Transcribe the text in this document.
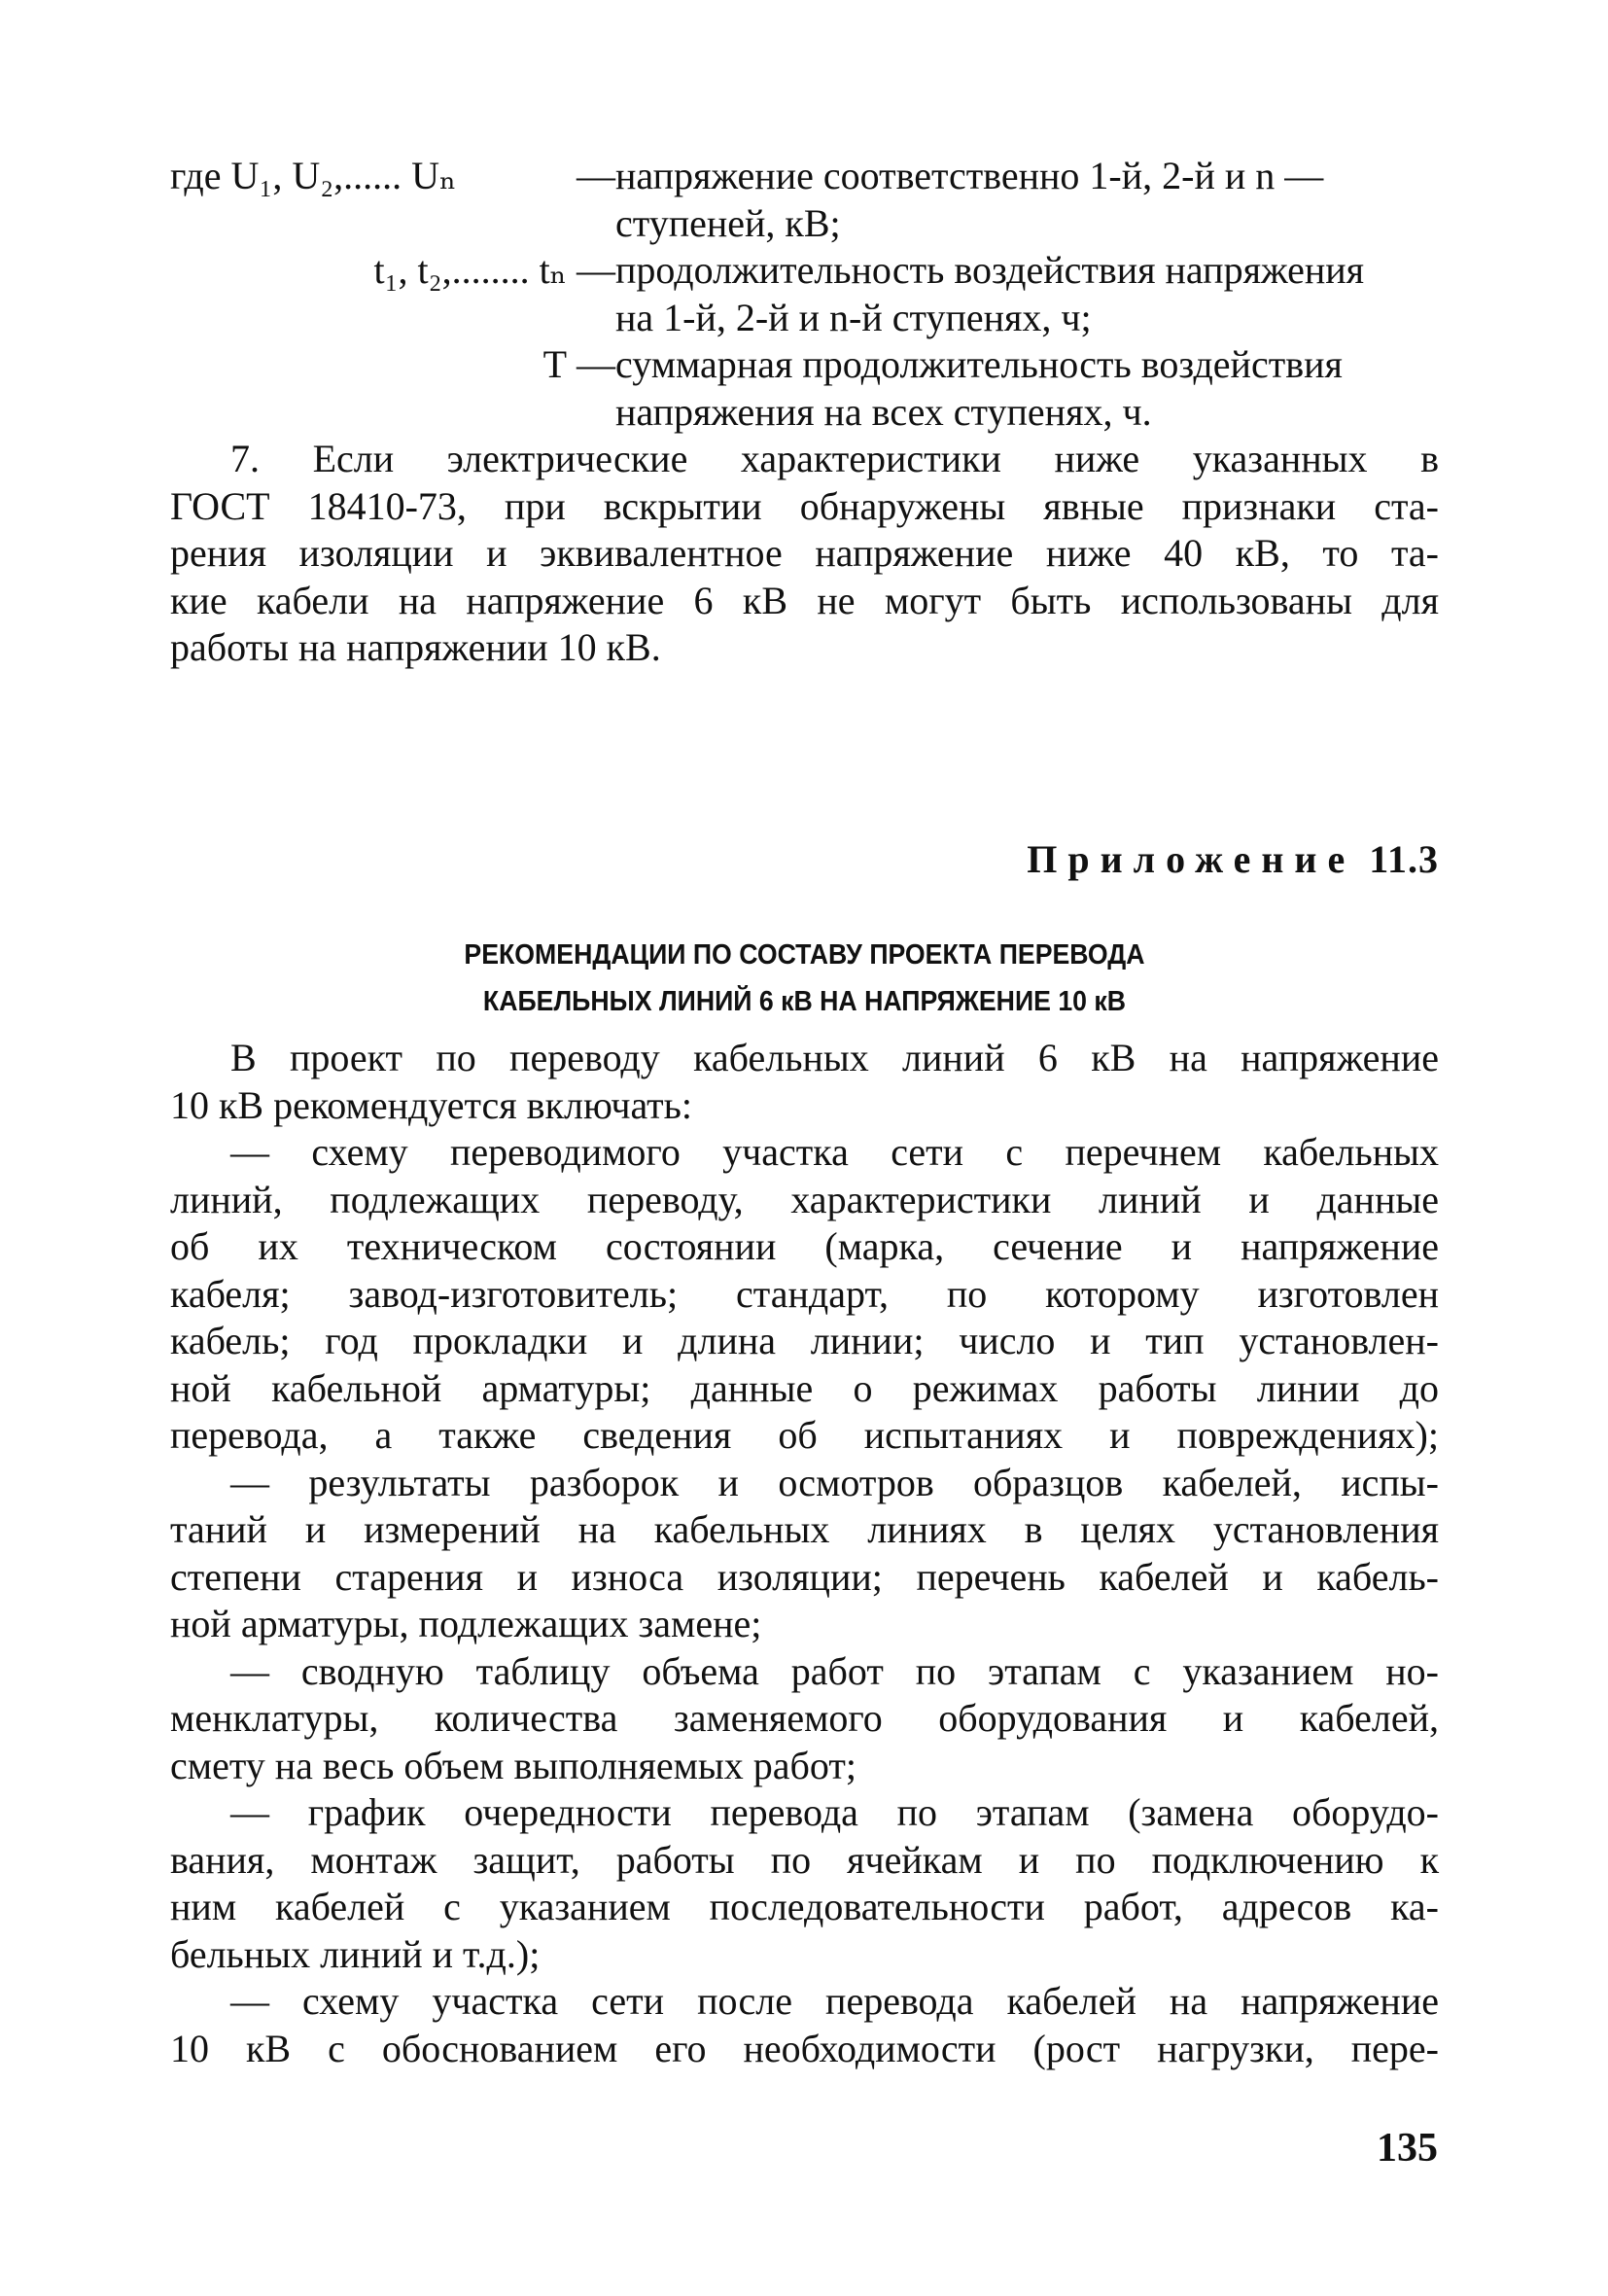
где U₁, U₂,...... Uₙ	— напряжение соответственно 1-й, 2-й и n —
ступеней, кВ;
t₁, t₂,........ tₙ — продолжительность воздействия напряжения
на 1-й, 2-й и n-й ступенях, ч;
Т — суммарная продолжительность воздействия
напряжения на всех ступенях, ч.
7. Если электрические характеристики ниже указанных в
ГОСТ 18410-73, при вскрытии обнаружены явные признаки ста-
рения изоляции и эквивалентное напряжение ниже 40 кВ, то та-
кие кабели на напряжение 6 кВ не могут быть использованы для
работы на напряжении 10 кВ.
Приложение 11.3
РЕКОМЕНДАЦИИ ПО СОСТАВУ ПРОЕКТА ПЕРЕВОДА
КАБЕЛЬНЫХ ЛИНИЙ 6 кВ НА НАПРЯЖЕНИЕ 10 кВ
В проект по переводу кабельных линий 6 кВ на напряжение
10 кВ рекомендуется включать:
— схему переводимого участка сети с перечнем кабельных
линий, подлежащих переводу, характеристики линий и данные
об их техническом состоянии (марка, сечение и напряжение
кабеля; завод-изготовитель; стандарт, по которому изготовлен
кабель; год прокладки и длина линии; число и тип установлен-
ной кабельной арматуры; данные о режимах работы линии до
перевода, а также сведения об испытаниях и повреждениях);
— результаты разборок и осмотров образцов кабелей, испы-
таний и измерений на кабельных линиях в целях установления
степени старения и износа изоляции; перечень кабелей и кабель-
ной арматуры, подлежащих замене;
— сводную таблицу объема работ по этапам с указанием но-
менклатуры, количества заменяемого оборудования и кабелей,
смету на весь объем выполняемых работ;
— график очередности перевода по этапам (замена оборудо-
вания, монтаж защит, работы по ячейкам и по подключению к
ним кабелей с указанием последовательности работ, адресов ка-
бельных линий и т.д.);
— схему участка сети после перевода кабелей на напряжение
10 кВ с обоснованием его необходимости (рост нагрузки, пере-
135
